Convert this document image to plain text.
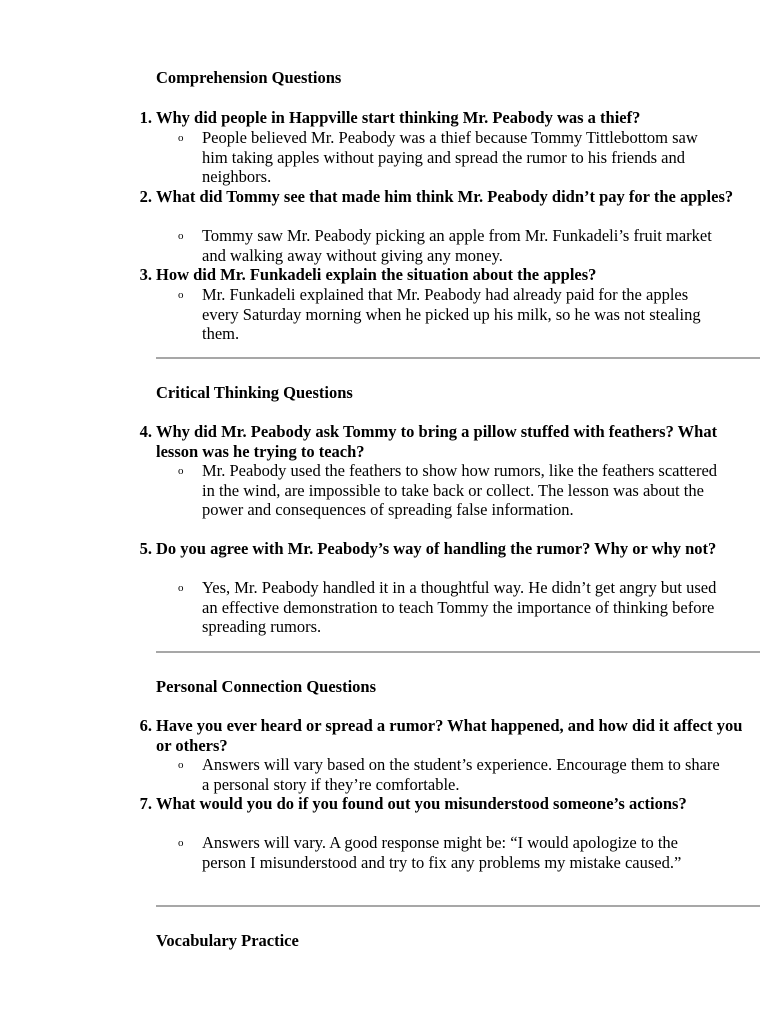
Comprehension Questions
1. Why did people in Happville start thinking Mr. Peabody was a thief?
o People believed Mr. Peabody was a thief because Tommy Tittlebottom saw him taking apples without paying and spread the rumor to his friends and neighbors.
2. What did Tommy see that made him think Mr. Peabody didn’t pay for the apples?
o Tommy saw Mr. Peabody picking an apple from Mr. Funkadeli’s fruit market and walking away without giving any money.
3. How did Mr. Funkadeli explain the situation about the apples?
o Mr. Funkadeli explained that Mr. Peabody had already paid for the apples every Saturday morning when he picked up his milk, so he was not stealing them.
Critical Thinking Questions
4. Why did Mr. Peabody ask Tommy to bring a pillow stuffed with feathers? What lesson was he trying to teach?
o Mr. Peabody used the feathers to show how rumors, like the feathers scattered in the wind, are impossible to take back or collect. The lesson was about the power and consequences of spreading false information.
5. Do you agree with Mr. Peabody’s way of handling the rumor? Why or why not?
o Yes, Mr. Peabody handled it in a thoughtful way. He didn’t get angry but used an effective demonstration to teach Tommy the importance of thinking before spreading rumors.
Personal Connection Questions
6. Have you ever heard or spread a rumor? What happened, and how did it affect you or others?
o Answers will vary based on the student’s experience. Encourage them to share a personal story if they’re comfortable.
7. What would you do if you found out you misunderstood someone’s actions?
o Answers will vary. A good response might be: “I would apologize to the person I misunderstood and try to fix any problems my mistake caused.”
Vocabulary Practice
